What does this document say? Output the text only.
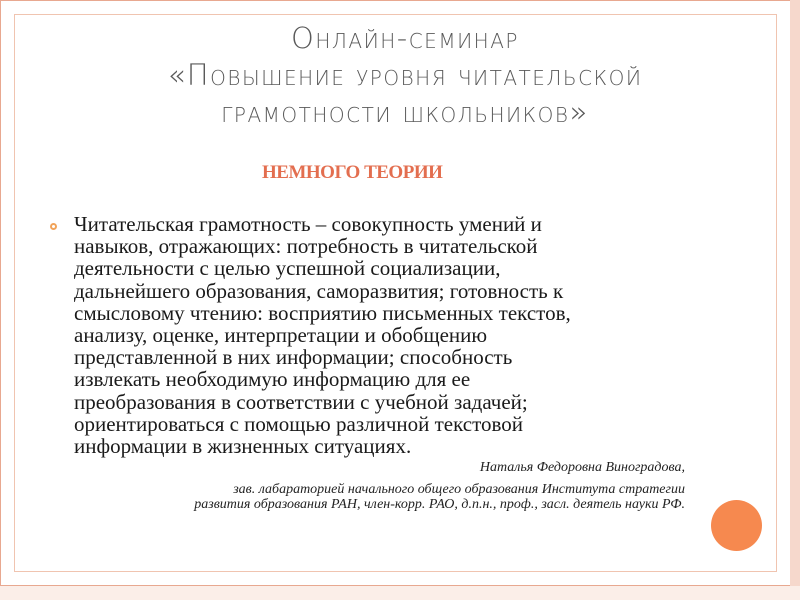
Онлайн-семинар
«Повышение уровня читательской
грамотности школьников»
НЕМНОГО ТЕОРИИ
Читательская грамотность – совокупность умений и
навыков, отражающих: потребность в читательской
деятельности с целью успешной социализации,
дальнейшего образования, саморазвития; готовность к
смысловому чтению: восприятию письменных текстов,
анализу, оценке, интерпретации и обобщению
представленной в них информации; способность
извлекать необходимую информацию для ее
преобразования в соответствии с учебной задачей;
ориентироваться с помощью различной текстовой
информации в жизненных ситуациях.
Наталья Федоровна Виноградова,
зав. лабараторией начального общего образования Института стратегии
развития образования РАН, член-корр. РАО, д.п.н., проф., засл. деятель науки РФ.
